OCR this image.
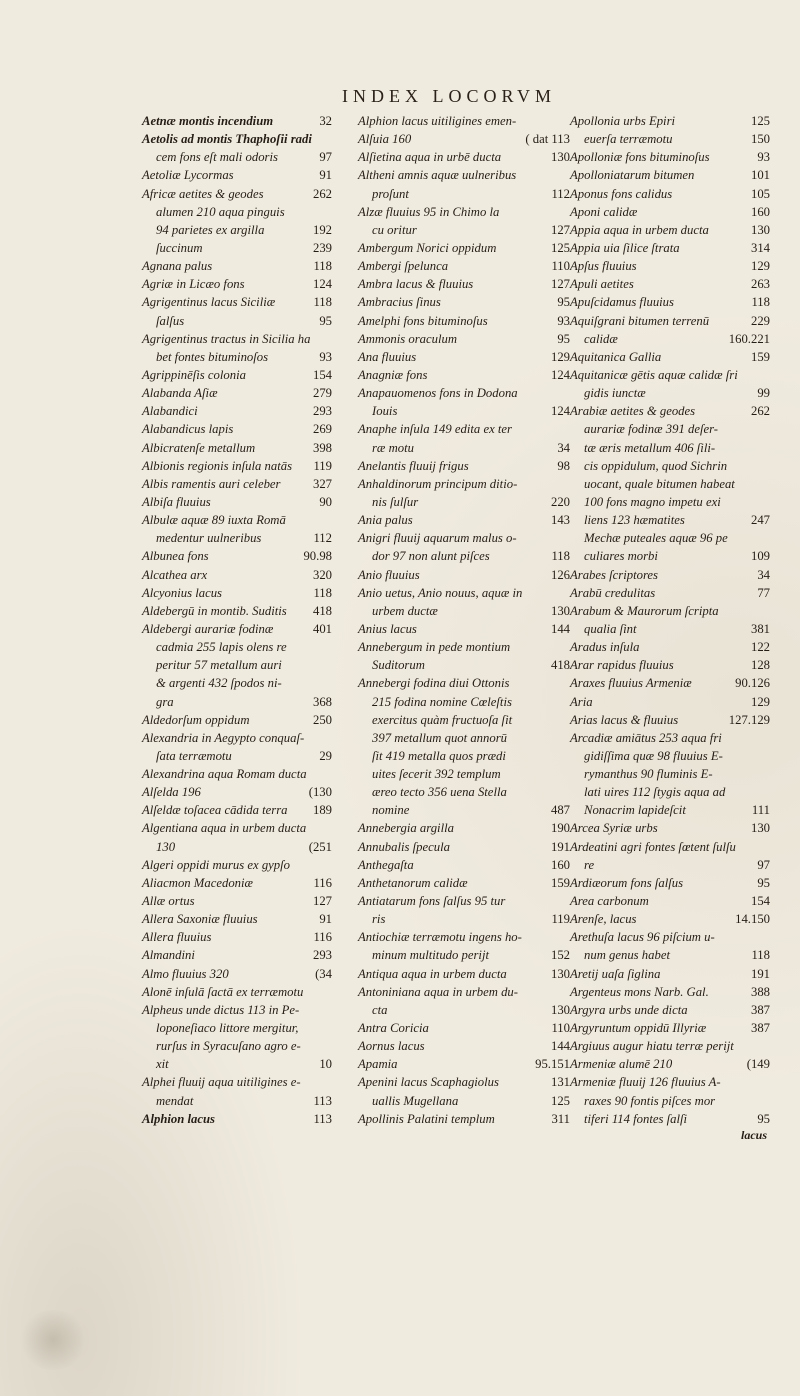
INDEX LOCORVM
Aetnæ montis incendium	32
Aetolis ad montis Thaphoſii radi
cem fons eſt mali odoris	97
Aetoliæ Lycormas	91
Africæ aetites & geodes	262
alumen 210 aqua pinguis
94 parietes ex argilla	192
ſuccinum	239
Agnana palus	118
Agriæ in Licæo fons	124
Agrigentinus lacus Siciliæ	118
ſalſus	95
Agrigentinus tractus in Sicilia ha
bet fontes bituminoſos	93
Agrippinēſis colonia	154
Alabanda Aſiæ	279
Alabandici	293
Alabandicus lapis	269
Albicratenſe metallum	398
Albionis regionis inſula natās	119
Albis ramentis auri celeber	327
Albiſa fluuius	90
Albulæ aquæ 89 iuxta Romā
medentur uulneribus	112
Albunea fons	90.98
Alcathea arx	320
Alcyonius lacus	118
Aldebergū in montib. Suditis	418
Aldebergi aurariæ fodinæ	401
cadmia 255 lapis olens re
peritur 57 metallum auri
& argenti 432 ſpodos ni-
gra	368
Aldedorſum oppidum	250
Alexandria in Aegypto conquaſ-
ſata terræmotu	29
Alexandrina aqua Romam ducta
Alſelda 196	(130
Alſeldæ toſacea cādida terra	189
Algentiana aqua in urbem ducta
130	(251
Algeri oppidi murus ex gypſo
Aliacmon Macedoniæ	116
Allæ ortus	127
Allera Saxoniæ fluuius	91
Allera fluuius	116
Almandini	293
Almo fluuius 320	(34
Alonē inſulā ſactā ex terræmotu
Alpheus unde dictus 113 in Pe-
loponeſiaco littore mergitur,
rurſus in Syracuſano agro e-
xit	10
Alphei fluuij aqua uitiligines e-
mendat	113
Alphion lacus	113
Alphion lacus uitiligines emen-
Alſuia 160	( dat 113
Alſietina aqua in urbē ducta	130
Altheni amnis aquæ uulneribus
proſunt	112
Alzæ fluuius 95 in Chimo la
cu oritur	127
Ambergum Norici oppidum	125
Ambergi ſpelunca	110
Ambra lacus & fluuius	127
Ambracius ſinus	95
Amelphi fons bituminoſus	93
Ammonis oraculum	95
Ana fluuius	129
Anagniæ fons	124
Anapauomenos fons in Dodona
Iouis	124
Anaphe inſula 149 edita ex ter
ræ motu	34
Anelantis fluuij frigus	98
Anhaldinorum principum ditio-
nis ſulſur	220
Ania palus	143
Anigri fluuij aquarum malus o-
dor 97 non alunt piſces	118
Anio fluuius	126
Anio uetus, Anio nouus, aquæ in
urbem ductæ	130
Anius lacus	144
Annebergum in pede montium
Suditorum	418
Annebergi fodina diui Ottonis
215 fodina nomine Cœleſtis
exercitus quàm fructuoſa ſit
397 metallum quot annorū
ſit 419 metalla quos prædi
uites ſecerit 392 templum
æreo tecto 356 uena Stella
nomine	487
Annebergia argilla	190
Annubalis ſpecula	191
Anthegaſta	160
Anthetanorum calidæ	159
Antiatarum fons ſalſus 95 tur
ris	119
Antiochiæ terræmotu ingens ho-
minum multitudo perijt	152
Antiqua aqua in urbem ducta	130
Antoniniana aqua in urbem du-
cta	130
Antra Coricia	110
Aornus lacus	144
Apamia	95.151
Apenini lacus Scaphagiolus	131
uallis Mugellana	125
Apollinis Palatini templum	311
Apollonia urbs Epiri	125
euerſa terræmotu	150
Apolloniæ fons bituminoſus	93
Apolloniatarum bitumen	101
Aponus fons calidus	105
Aponi calidæ	160
Appia aqua in urbem ducta	130
Appia uia ſilice ſtrata	314
Apſus fluuius	129
Apuli aetites	263
Apuſcidamus fluuius	118
Aquiſgrani bitumen terrenū	229
calidæ	160.221
Aquitanica Gallia	159
Aquitanicæ gētis aquæ calidæ ſri
gidis iunctæ	99
Arabiæ aetites & geodes	262
aurariæ fodinæ 391 deſer-
tæ æris metallum 406 ſili-
cis oppidulum, quod Sichrin
uocant, quale bitumen habeat
100 fons magno impetu exi
liens 123 hæmatites	247
Mechæ puteales aquæ 96 pe
culiares morbi	109
Arabes ſcriptores	34
Arabū credulitas	77
Arabum & Maurorum ſcripta
qualia ſint	381
Aradus inſula	122
Arar rapidus fluuius	128
Araxes fluuius Armeniæ	90.126
Aria	129
Arias lacus & fluuius	127.129
Arcadiæ amiātus 253 aqua fri
gidiſſima quæ 98 fluuius E-
rymanthus 90 fluminis E-
lati uires 112 ſtygis aqua ad
Nonacrim lapideſcit	111
Arcea Syriæ urbs	130
Ardeatini agri fontes ſœtent ſulſu
re	97
Ardiæorum fons ſalſus	95
Area carbonum	154
Arenſe, lacus	14.150
Arethuſa lacus 96 piſcium u-
num genus habet	118
Aretij uaſa ſiglina	191
Argenteus mons Narb. Gal.	388
Argyra urbs unde dicta	387
Argyruntum oppidū Illyriæ	387
Argiuus augur hiatu terræ perijt
Armeniæ alumē 210	(149
Armeniæ fluuij 126 fluuius A-
raxes 90 fontis piſces mor
tiferi 114 fontes ſalſi	95
lacus
